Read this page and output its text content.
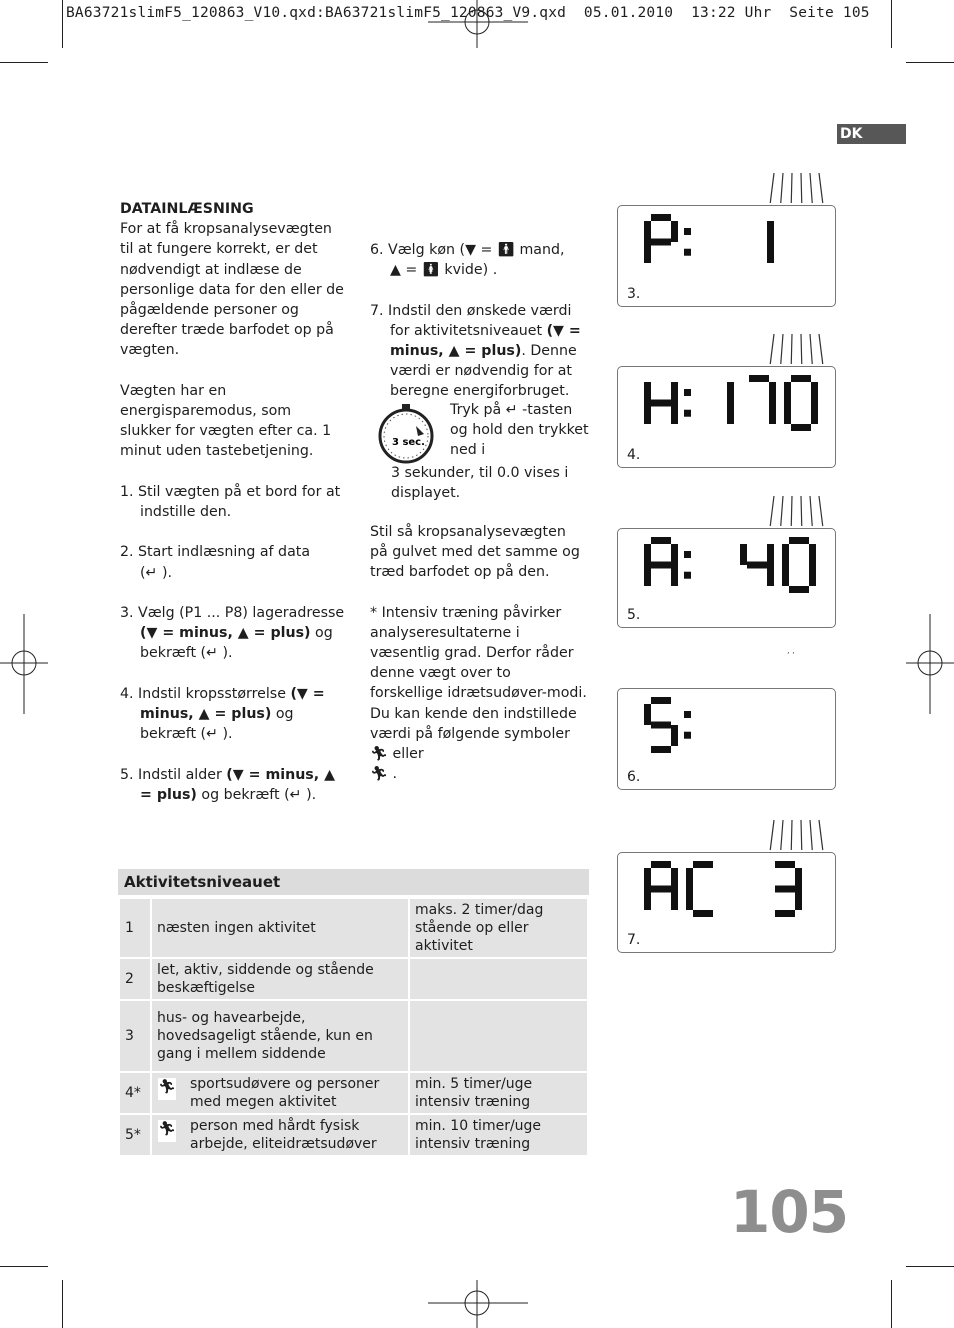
BA63721slimF5_120863_V10.qxd:BA63721slimF5_120863_V9.qxd  05.01.2010  13:22 Uhr  Seite 105
DK

DATAINLÆSNING

For at få kropsanalysevægten til at fungere korrekt, er det nødvendigt at indlæse de personlige data for den eller de pågældende personer og derefter træde barfodet op på vægten.

Vægten har en energisparemodus, som slukker for vægten efter ca. 1 minut uden tastebetjening.

1. Stil vægten på et bord for at indstille den.

2. Start indlæsning af data
(↵ ).

3. Vælg (P1 ... P8) lageradresse (▼ = minus, ▲ = plus) og bekræft (↵ ).

4. Indstil kropsstørrelse (▼ = minus, ▲ = plus) og bekræft (↵ ).

5. Indstil alder (▼ = minus, ▲ = plus) og bekræft (↵ ).

6. Vælg køn (▼ = 🚹︎ mand,
▲ = 🚺︎ kvide) .

7. Indstil den ønskede værdi for aktivitetsniveauet (▼ = minus, ▲ = plus). Denne værdi er nødvendig for at beregne energiforbruget.

3 sec.

Tryk på ↵ -tasten og hold den trykket ned i

3 sekunder, til 0.0 vises i displayet.

Stil så kropsanalysevægten på gulvet med det samme og træd barfodet op på den.

* Intensiv træning påvirker analyseresultaterne i væsentlig grad. Derfor råder denne vægt over to forskellige idrætsudøver-modi. Du kan kende den indstillede værdi på følgende symboler 🏃︎ eller
🏃︎ .

Aktivitetsniveauet
1	næsten ingen aktivitet	maks. 2 timer/dag stående op eller aktivitet
2	let, aktiv, siddende og stående beskæftigelse	
3	hus- og havearbejde, hovedsageligt stående, kun en gang i mellem siddende	
4*	🏃︎ sportsudøvere og personer med megen aktivitet	min. 5 timer/uge intensiv træning
5*	🏃︎ person med hårdt fysisk arbejde, eliteidrætsudøver	min. 10 timer/uge intensiv træning
P: 1
3.
H:170
4.
A: 40
5.
S:
6.
AC 3
7.
’ ’
105
